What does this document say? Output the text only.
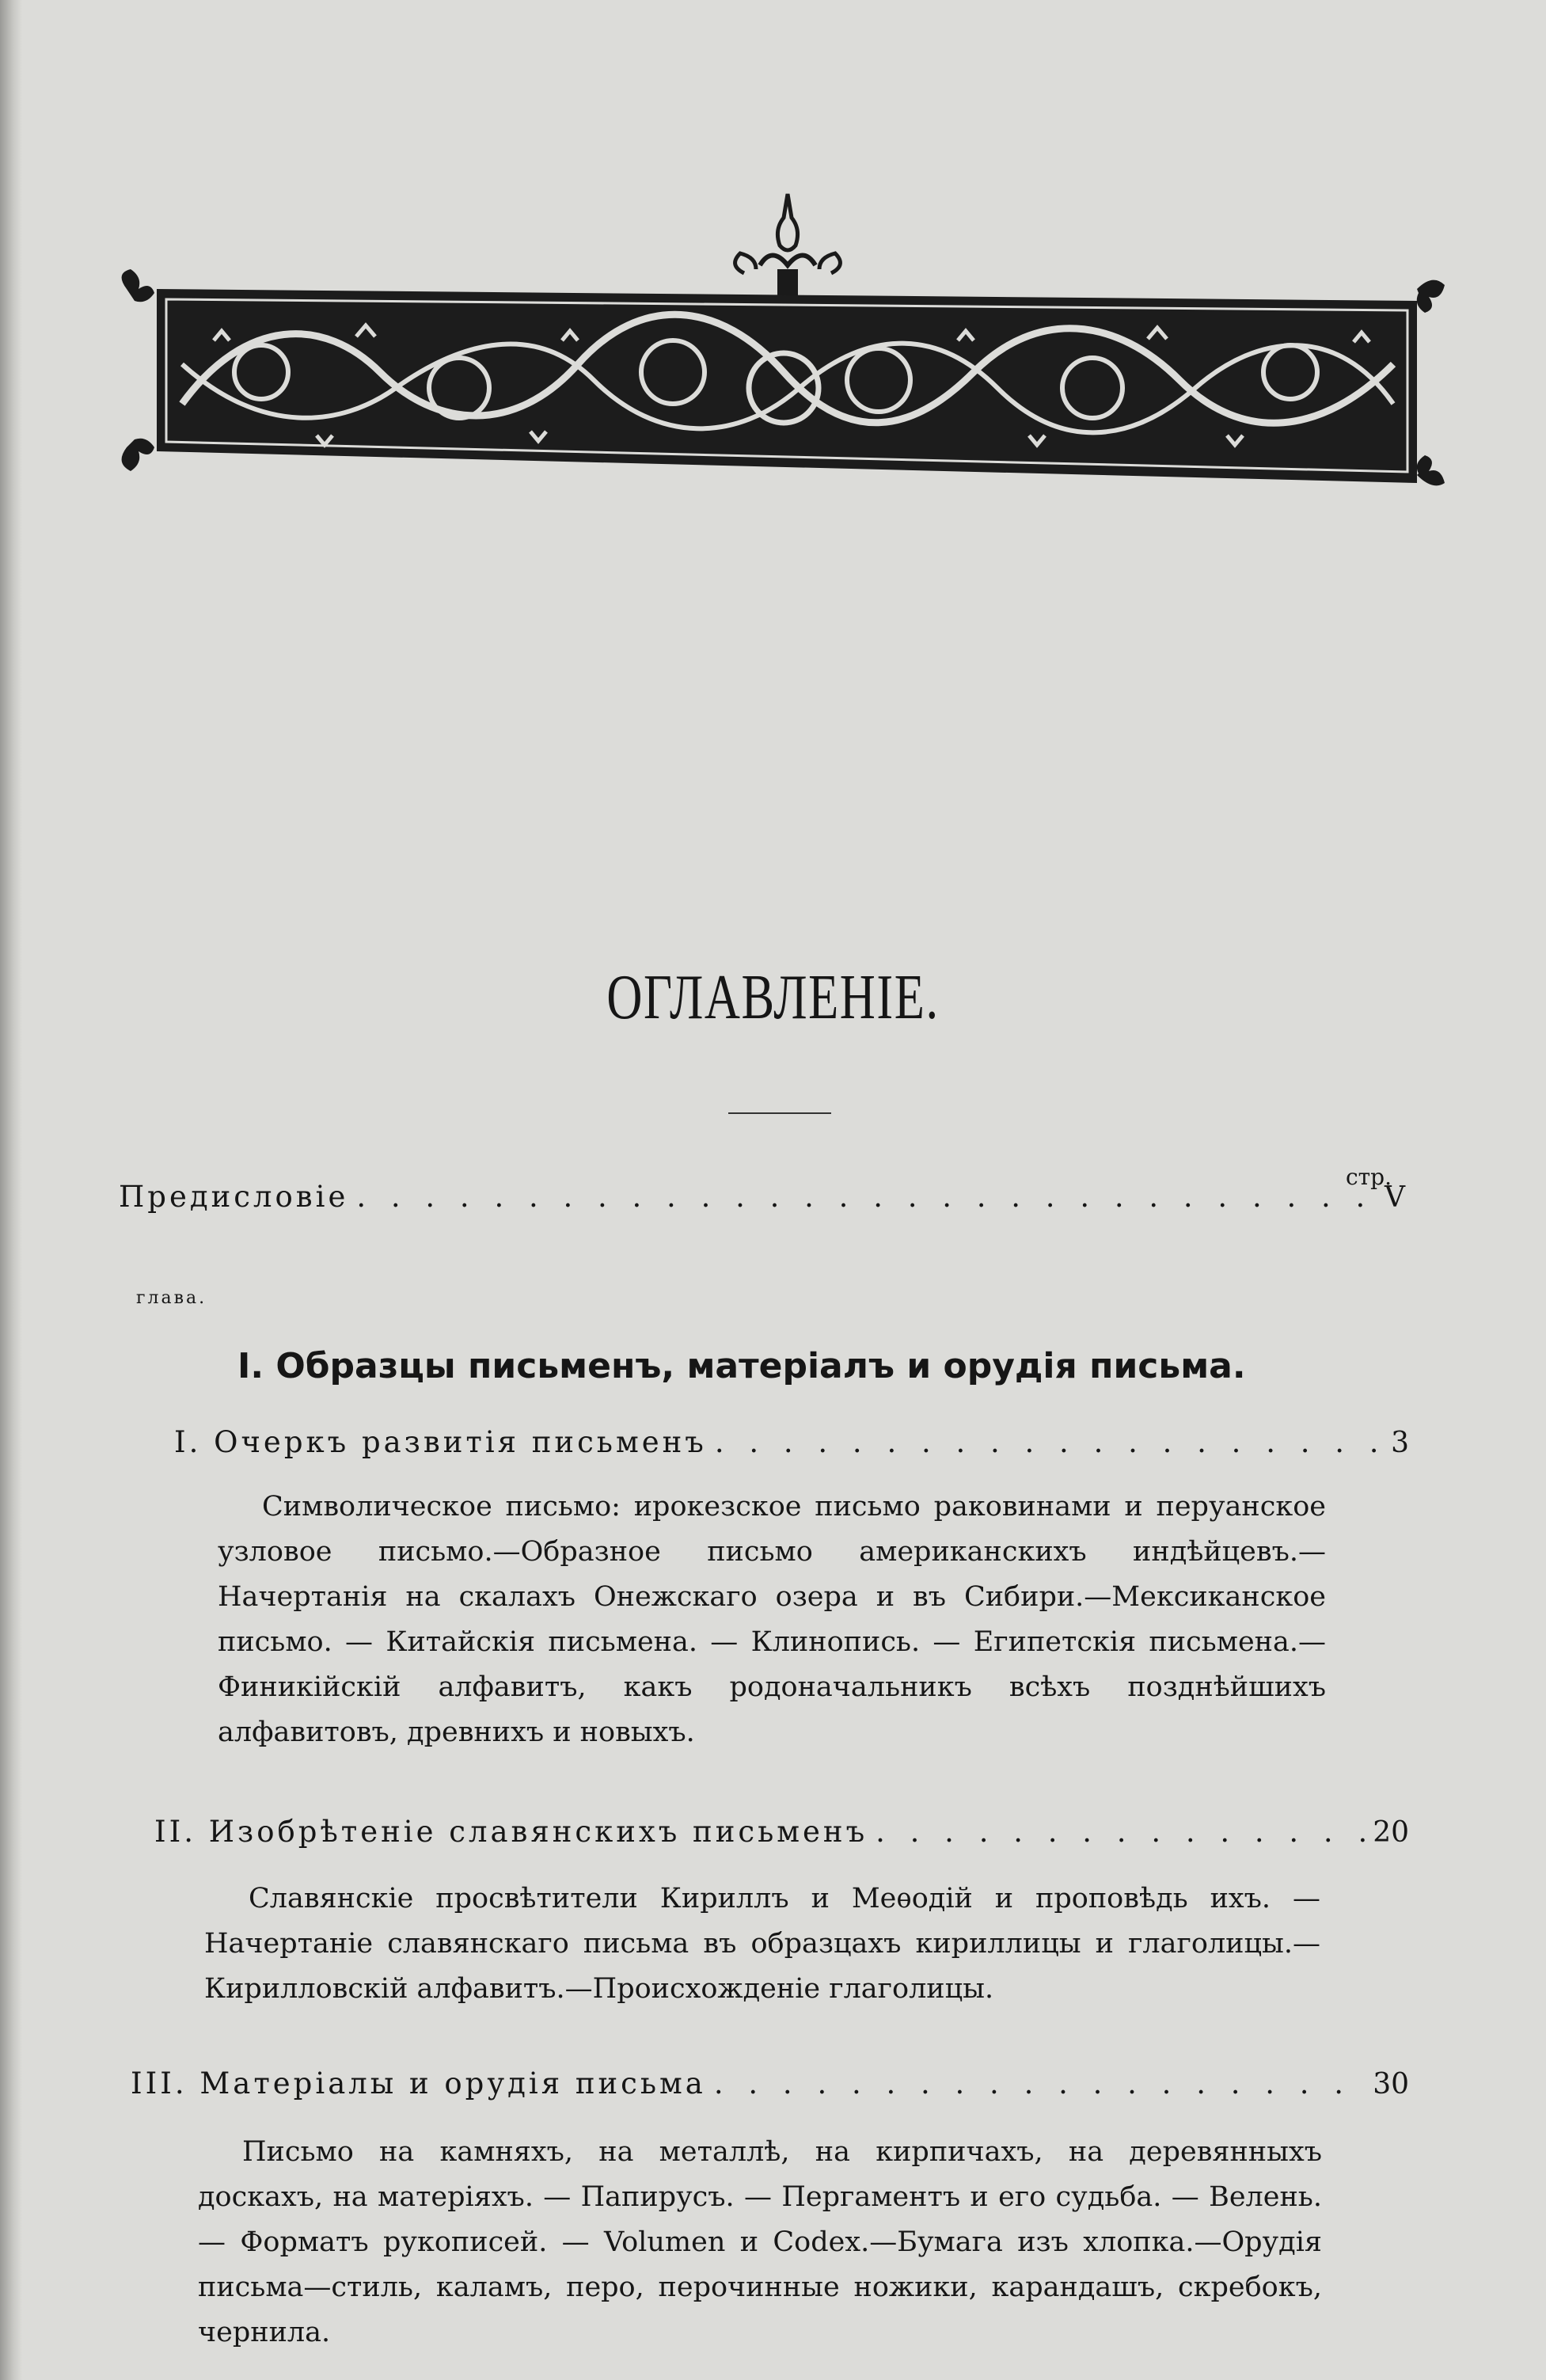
ОГЛАВЛЕНІЕ.
стр.
Предисловіе . . .	V
глава.
I. Образцы письменъ, матеріалъ и орудія письма.
I. Очеркъ развитія письменъ . . .	3

Символическое письмо: ирокезское письмо раковинами и перуанское узловое письмо.—Образное письмо американскихъ индѣйцевъ.—Начертанія на скалахъ Онежскаго озера и въ Сибири.—Мексиканское письмо. — Китайскія письмена. — Клинопись. — Египетскія письмена.—Финикійскій алфавитъ, какъ родоначальникъ всѣхъ позднѣйшихъ алфавитовъ, древнихъ и новыхъ.

II. Изобрѣтеніе славянскихъ письменъ . . .	20

Славянскіе просвѣтители Кириллъ и Меѳодій и проповѣдь ихъ. — Начертаніе славянскаго письма въ образцахъ кириллицы и глаголицы.—Кирилловскій алфавитъ.—Происхожденіе глаголицы.

III. Матеріалы и орудія письма . . .	30

Письмо на камняхъ, на металлѣ, на кирпичахъ, на деревянныхъ доскахъ, на матеріяхъ. — Папирусъ. — Пергаментъ и его судьба. — Велень. — Форматъ рукописей. — Volumen и Codex.—Бумага изъ хлопка.—Орудія письма—стиль, каламъ, перо, перочинные ножики, карандашъ, скребокъ, чернила.
